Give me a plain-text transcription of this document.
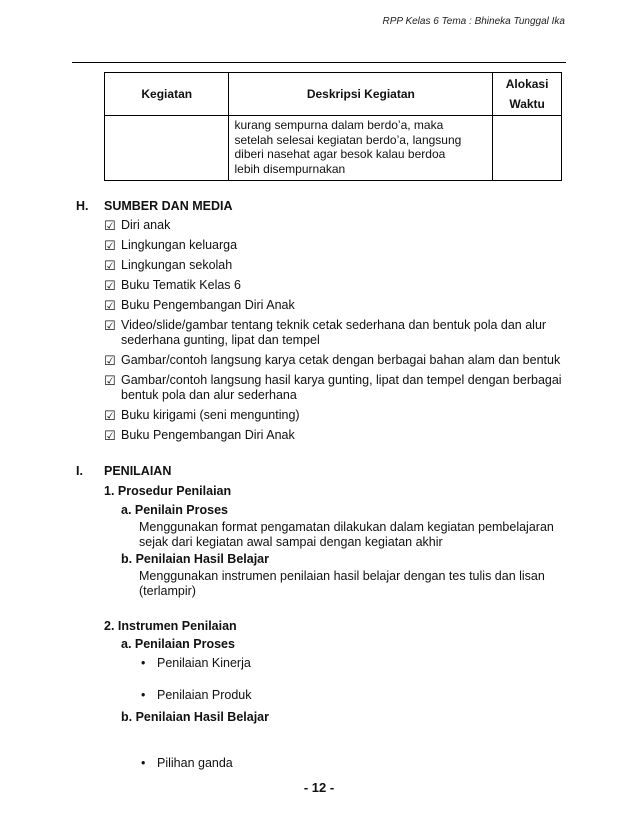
RPP Kelas 6 Tema : Bhineka Tunggal Ika
Kegiatan	Deskripsi Kegiatan	Alokasi
Waktu

	kurang sempurna dalam berdo’a, maka
setelah selesai kegiatan berdo’a, langsung
diberi nasehat agar besok kalau berdoa
lebih disempurnakan	

H. SUMBER DAN MEDIA
☑ Diri anak
☑ Lingkungan keluarga
☑ Lingkungan sekolah
☑ Buku Tematik Kelas 6
☑ Buku Pengembangan Diri Anak
☑ Video/slide/gambar tentang teknik cetak sederhana dan bentuk pola dan alur
sederhana gunting, lipat dan tempel
☑ Gambar/contoh langsung karya cetak dengan berbagai bahan alam dan bentuk
☑ Gambar/contoh langsung hasil karya gunting, lipat dan tempel dengan berbagai
bentuk pola dan alur sederhana
☑ Buku kirigami (seni mengunting)
☑ Buku Pengembangan Diri Anak
I. PENILAIAN
1. Prosedur Penilaian
a. Penilain Proses
Menggunakan format pengamatan dilakukan dalam kegiatan pembelajaran
sejak dari kegiatan awal sampai dengan kegiatan akhir
b. Penilaian Hasil Belajar
Menggunakan instrumen penilaian hasil belajar dengan tes tulis dan lisan
(terlampir)
2. Instrumen Penilaian
a. Penilaian Proses
• Penilaian Kinerja
• Penilaian Produk
b. Penilaian Hasil Belajar
• Pilihan ganda
- 12 -
